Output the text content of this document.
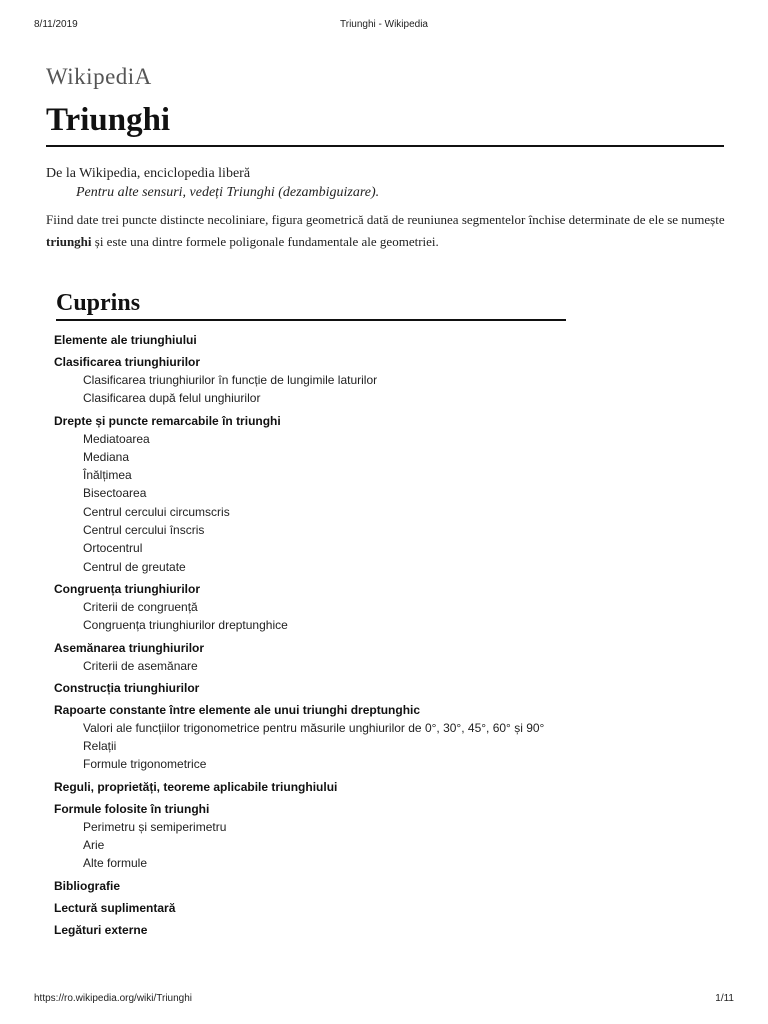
8/11/2019	Triunghi - Wikipedia
WikipediA
Triunghi
De la Wikipedia, enciclopedia liberă
Pentru alte sensuri, vedeți Triunghi (dezambiguizare).
Fiind date trei puncte distincte necoliniare, figura geometrică dată de reuniunea segmentelor închise determinate de ele se numește triunghi și este una dintre formele poligonale fundamentale ale geometriei.
Cuprins
Elemente ale triunghiului
Clasificarea triunghiurilor
Clasificarea triunghiurilor în funcție de lungimile laturilor
Clasificarea după felul unghiurilor
Drepte și puncte remarcabile în triunghi
Mediatoarea
Mediana
Înălțimea
Bisectoarea
Centrul cercului circumscris
Centrul cercului înscris
Ortocentrul
Centrul de greutate
Congruența triunghiurilor
Criterii de congruență
Congruența triunghiurilor dreptunghice
Asemănarea triunghiurilor
Criterii de asemănare
Construcția triunghiurilor
Rapoarte constante între elemente ale unui triunghi dreptunghic
Valori ale funcțiilor trigonometrice pentru măsurile unghiurilor de 0°, 30°, 45°, 60° și 90°
Relații
Formule trigonometrice
Reguli, proprietăți, teoreme aplicabile triunghiului
Formule folosite în triunghi
Perimetru și semiperimetru
Arie
Alte formule
Bibliografie
Lectură suplimentară
Legături externe
https://ro.wikipedia.org/wiki/Triunghi	1/11
